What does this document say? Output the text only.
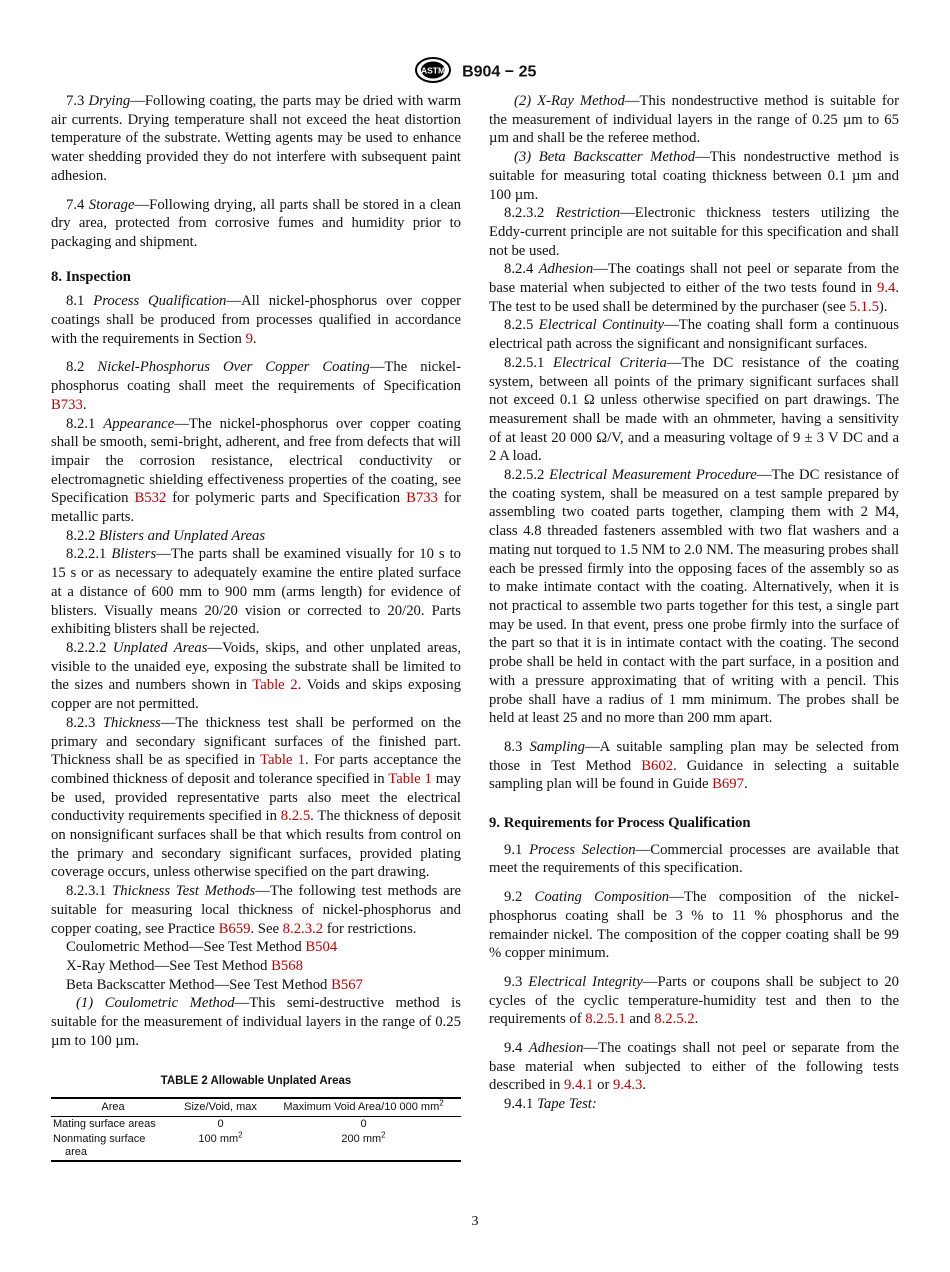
ASTM B904 − 25

7.3 Drying—Following coating, the parts may be dried with warm air currents. Drying temperature shall not exceed the heat distortion temperature of the substrate. Wetting agents may be used to enhance water shedding provided they do not interfere with subsequent paint adhesion.

7.4 Storage—Following drying, all parts shall be stored in a clean dry area, protected from corrosive fumes and humidity prior to packaging and shipment.

8. Inspection

8.1 Process Qualification—All nickel-phosphorus over copper coatings shall be produced from processes qualified in accordance with the requirements in Section 9.

8.2 Nickel-Phosphorus Over Copper Coating—The nickel-phosphorus coating shall meet the requirements of Specification B733.

8.2.1 Appearance—The nickel-phosphorus over copper coating shall be smooth, semi-bright, adherent, and free from defects that will impair the corrosion resistance, electrical conductivity or electromagnetic shielding effectiveness properties of the coating, see Specification B532 for polymeric parts and Specification B733 for metallic parts.

8.2.2 Blisters and Unplated Areas

8.2.2.1 Blisters—The parts shall be examined visually for 10 s to 15 s or as necessary to adequately examine the entire plated surface at a distance of 600 mm to 900 mm (arms length) for evidence of blisters. Visually means 20/20 vision or corrected to 20/20. Parts exhibiting blisters shall be rejected.

8.2.2.2 Unplated Areas—Voids, skips, and other unplated areas, visible to the unaided eye, exposing the substrate shall be limited to the sizes and numbers shown in Table 2. Voids and skips exposing copper are not permitted.

8.2.3 Thickness—The thickness test shall be performed on the primary and secondary significant surfaces of the finished part. Thickness shall be as specified in Table 1. For parts acceptance the combined thickness of deposit and tolerance specified in Table 1 may be used, provided representative parts also meet the electrical conductivity requirements specified in 8.2.5. The thickness of deposit on nonsignificant surfaces shall be that which results from control on the primary and secondary significant surfaces, provided plating coverage occurs, unless otherwise specified on the part drawing.

8.2.3.1 Thickness Test Methods—The following test methods are suitable for measuring local thickness of nickel-phosphorus and copper coating, see Practice B659. See 8.2.3.2 for restrictions.

Coulometric Method—See Test Method B504

X-Ray Method—See Test Method B568

Beta Backscatter Method—See Test Method B567

(1) Coulometric Method—This semi-destructive method is suitable for the measurement of individual layers in the range of 0.25 µm to 100 µm.

TABLE 2 Allowable Unplated Areas
Area	Size/Void, max	Maximum Void Area/10 000 $mm^2$
Mating surface areas	0	0
Nonmating surface
area	100 $mm^2$	200 $mm^2$

(2) X-Ray Method—This nondestructive method is suitable for the measurement of individual layers in the range of 0.25 µm to 65 µm and shall be the referee method.

(3) Beta Backscatter Method—This nondestructive method is suitable for measuring total coating thickness between 0.1 µm and 100 µm.

8.2.3.2 Restriction—Electronic thickness testers utilizing the Eddy-current principle are not suitable for this specification and shall not be used.

8.2.4 Adhesion—The coatings shall not peel or separate from the base material when subjected to either of the two tests found in 9.4. The test to be used shall be determined by the purchaser (see 5.1.5).

8.2.5 Electrical Continuity—The coating shall form a continuous electrical path across the significant and nonsignificant surfaces.

8.2.5.1 Electrical Criteria—The DC resistance of the coating system, between all points of the primary significant surfaces shall not exceed 0.1 Ω unless otherwise specified on part drawings. The measurement shall be made with an ohmmeter, having a sensitivity of at least 20 000 Ω/V, and a measuring voltage of 9 ± 3 V DC and a 2 A load.

8.2.5.2 Electrical Measurement Procedure—The DC resistance of the coating system, shall be measured on a test sample prepared by assembling two coated parts together, clamping them with 2 M4, class 4.8 threaded fasteners assembled with two flat washers and a mating nut torqued to 1.5 NM to 2.0 NM. The measuring probes shall each be pressed firmly into the opposing faces of the assembly so as to make intimate contact with the coating. Alternatively, when it is not practical to assemble two parts together for this test, a single part may be used. In that event, press one probe firmly into the surface of the part so that it is in intimate contact with the coating. The second probe shall be held in contact with the part surface, in a position and with a pressure approximating that of writing with a pencil. This probe shall have a radius of 1 mm minimum. The probes shall be held at least 25 and no more than 200 mm apart.

8.3 Sampling—A suitable sampling plan may be selected from those in Test Method B602. Guidance in selecting a suitable sampling plan will be found in Guide B697.

9. Requirements for Process Qualification

9.1 Process Selection—Commercial processes are available that meet the requirements of this specification.

9.2 Coating Composition—The composition of the nickel-phosphorus coating shall be 3 % to 11 % phosphorus and the remainder nickel. The composition of the copper coating shall be 99 % copper minimum.

9.3 Electrical Integrity—Parts or coupons shall be subject to 20 cycles of the cyclic temperature-humidity test and then to the requirements of 8.2.5.1 and 8.2.5.2.

9.4 Adhesion—The coatings shall not peel or separate from the base material when subjected to either of the following tests described in 9.4.1 or 9.4.3.

9.4.1 Tape Test:

3
